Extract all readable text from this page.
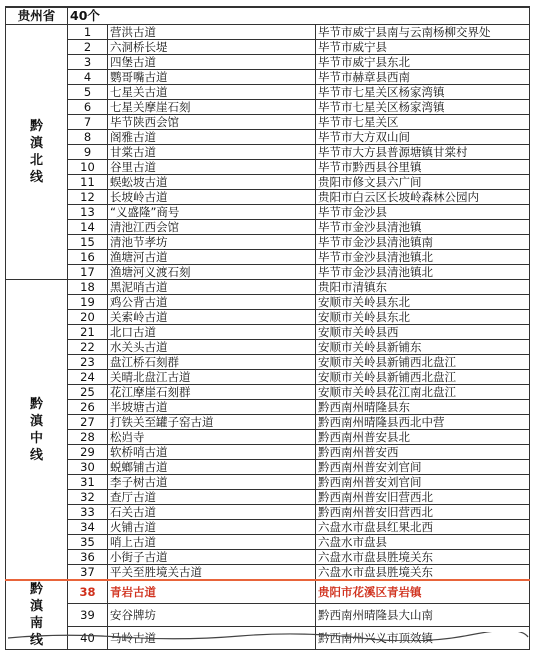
贵州省	40个		

黔
滇
北
线	1	营洪古道	毕节市威宁县南与云南杨柳交界处
	2	六洞桥长堤	毕节市威宁县
	3	四堡古道	毕节市威宁县东北
	4	鹦哥嘴古道	毕节市赫章县西南
	5	七星关古道	毕节市七星关区杨家湾镇
	6	七星关摩崖石刻	毕节市七星关区杨家湾镇
	7	毕节陕西会馆	毕节市七星关区
	8	阁雅古道	毕节市大方双山间
	9	甘棠古道	毕节市大方县普源塘镇甘棠村
	10	谷里古道	毕节市黔西县谷里镇
	11	蜈蚣坡古道	贵阳市修文县六广间
	12	长坡岭古道	贵阳市白云区长坡岭森林公园内
	13	“义盛隆”商号	毕节市金沙县
	14	清池江西会馆	毕节市金沙县清池镇
	15	清池节孝坊	毕节市金沙县清池镇南
	16	渔塘河古道	毕节市金沙县清池镇北
	17	渔塘河义渡石刻	毕节市金沙县清池镇北

黔
滇
中
线	18	黑泥哨古道	贵阳市清镇东
	19	鸡公背古道	安顺市关岭县东北
	20	关索岭古道	安顺市关岭县东北
	21	北口古道	安顺市关岭县西
	22	水关头古道	安顺市关岭县新铺东
	23	盘江桥石刻群	安顺市关岭县新铺西北盘江
	24	关晴北盘江古道	安顺市关岭县新铺西北盘江
	25	花江摩崖石刻群	安顺市关岭县花江南北盘江
	26	半坡塘古道	黔西南州晴隆县东
	27	打铁关至罐子窑古道	黔西南州晴隆县西北中营
	28	松岿寺	黔西南州普安县北
	29	软桥哨古道	黔西南州普安西
	30	蜕螂铺古道	黔西南州普安刘官间
	31	李子树古道	黔西南州普安刘官间
	32	查厅古道	黔西南州普安旧营西北
	33	石关古道	黔西南州普安旧营西北
	34	火铺古道	六盘水市盘县红果北西
	35	哨上古道	六盘水市盘县
	36	小街子古道	六盘水市盘县胜境关东
	37	平关至胜境关古道	六盘水市盘县胜境关东

黔
滇
南
线	38	青岩古道	贵阳市花溪区青岩镇
	39	安谷牌坊	黔西南州晴隆县大山南
	40	马岭古道	黔西南州兴义市顶效镇
